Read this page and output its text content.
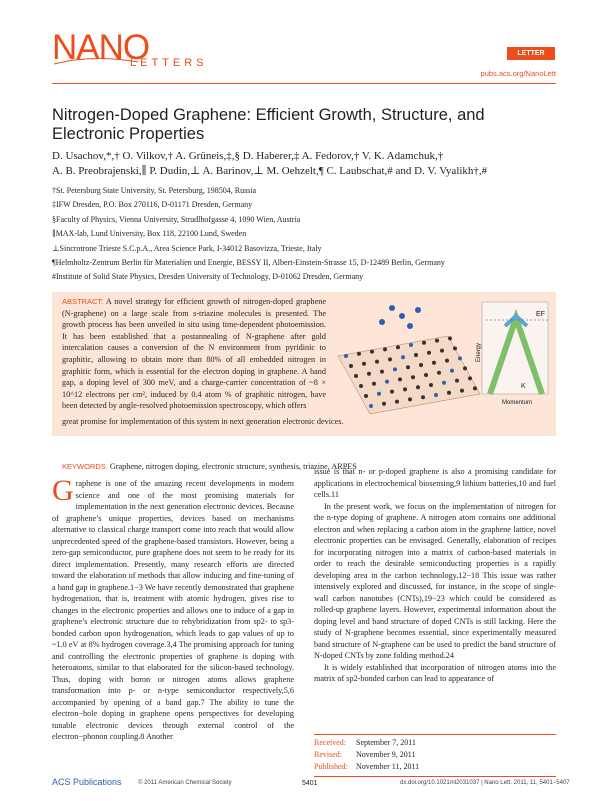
NANO
LETTERS
LETTER
pubs.acs.org/NanoLett
Nitrogen-Doped Graphene: Efficient Growth, Structure, and Electronic Properties
D. Usachov,*,† O. Vilkov,† A. Grüneis,‡,§ D. Haberer,‡ A. Fedorov,† V. K. Adamchuk,†
A. B. Preobrajenski,∥ P. Dudin,⊥ A. Barinov,⊥ M. Oehzelt,¶ C. Laubschat,# and D. V. Vyalikh†,#
†St. Petersburg State University, St. Petersburg, 198504, Russia
‡IFW Dresden, P.O. Box 270116, D-01171 Dresden, Germany
§Faculty of Physics, Vienna University, Strudlhofgasse 4, 1090 Wien, Austria
∥MAX-lab, Lund University, Box 118, 22100 Lund, Sweden
⊥Sincrotrone Trieste S.C.p.A., Area Science Park, I-34012 Basovizza, Trieste, Italy
¶Helmholtz-Zentrum Berlin für Materialien und Energie, BESSY II, Albert-Einstein-Strasse 15, D-12489 Berlin, Germany
#Institute of Solid State Physics, Dresden University of Technology, D-01062 Dresden, Germany
ABSTRACT: A novel strategy for efficient growth of nitrogen-doped graphene (N-graphene) on a large scale from s-triazine molecules is presented. The growth process has been unveiled in situ using time-dependent photoemission. It has been established that a postannealing of N-graphene after gold intercalation causes a conversion of the N environment from pyridinic to graphitic, allowing to obtain more than 80% of all embedded nitrogen in graphitic form, which is essential for the electron doping in graphene. A band gap, a doping level of 300 meV, and a charge-carrier concentration of ~8 × 10^12 electrons per cm², induced by 0.4 atom % of graphitic nitrogen, have been detected by angle-resolved photoemission spectroscopy, which offers
great promise for implementation of this system in next generation electronic devices.
EF
Energy
K
Momentum
KEYWORDS: Graphene, nitrogen doping, electronic structure, synthesis, triazine, ARPES

Graphene is one of the amazing recent developments in modern science and one of the most promising materials for implementation in the next generation electronic devices. Because of graphene’s unique properties, devices based on mechanisms alternative to classical charge transport come into reach that would allow unprecedented speed of the graphene-based transistors. However, being a zero-gap semiconductor, pure graphene does not seem to be ready for its direct implementation. Presently, many research efforts are directed toward the elaboration of methods that allow inducing and fine-tuning of a band gap in graphene.1−3 We have recently demonstrated that graphene hydrogenation, that is, treatment with atomic hydrogen, gives rise to changes in the electronic properties and allows one to induce of a gap in graphene’s electronic structure due to rehybridization from sp2- to sp3-bonded carbon upon hydrogenation, which leads to gap values of up to ~1.0 eV at 8% hydrogen coverage.3,4 The promising approach for tuning and controlling the electronic properties of graphene is doping with heteroatoms, similar to that elaborated for the silicon-based technology. Thus, doping with boron or nitrogen atoms allows graphene transformation into p- or n-type semiconductor respectively,5,6 accompanied by opening of a band gap.7 The ability to tune the electron−hole doping in graphene opens perspectives for developing tunable electronic devices through external control of the electron−phonon coupling.8 Another

issue is that n- or p-doped graphene is also a promising candidate for applications in electrochemical biosensing,9 lithium batteries,10 and fuel cells.11

In the present work, we focus on the implementation of nitrogen for the n-type doping of graphene. A nitrogen atom contains one additional electron and when replacing a carbon atom in the graphene lattice, novel electronic properties can be envisaged. Generally, elaboration of recipes for incorporating nitrogen into a matrix of carbon-based materials in order to reach the desirable semiconducting properties is a rapidly developing area in the carbon technology.12−18 This issue was rather intensively explored and discussed, for instance, in the scope of single-wall carbon nanotubes (CNTs),19−23 which could be considered as rolled-up graphene layers. However, experimental information about the doping level and band structure of doped CNTs is still lacking. Here the study of N-graphene becomes essential, since experimentally measured band structure of N-graphene can be used to predict the band structure of N-doped CNTs by zone folding method.24

It is widely established that incorporation of nitrogen atoms into the matrix of sp2-bonded carbon can lead to appearance of

Received: September 7, 2011
Revised: November 9, 2011
Published: November 11, 2011
ACS Publications	© 2011 American Chemical Society	5401	dx.doi.org/10.1021/nl2031037 | Nano Lett. 2011, 11, 5401−5407
